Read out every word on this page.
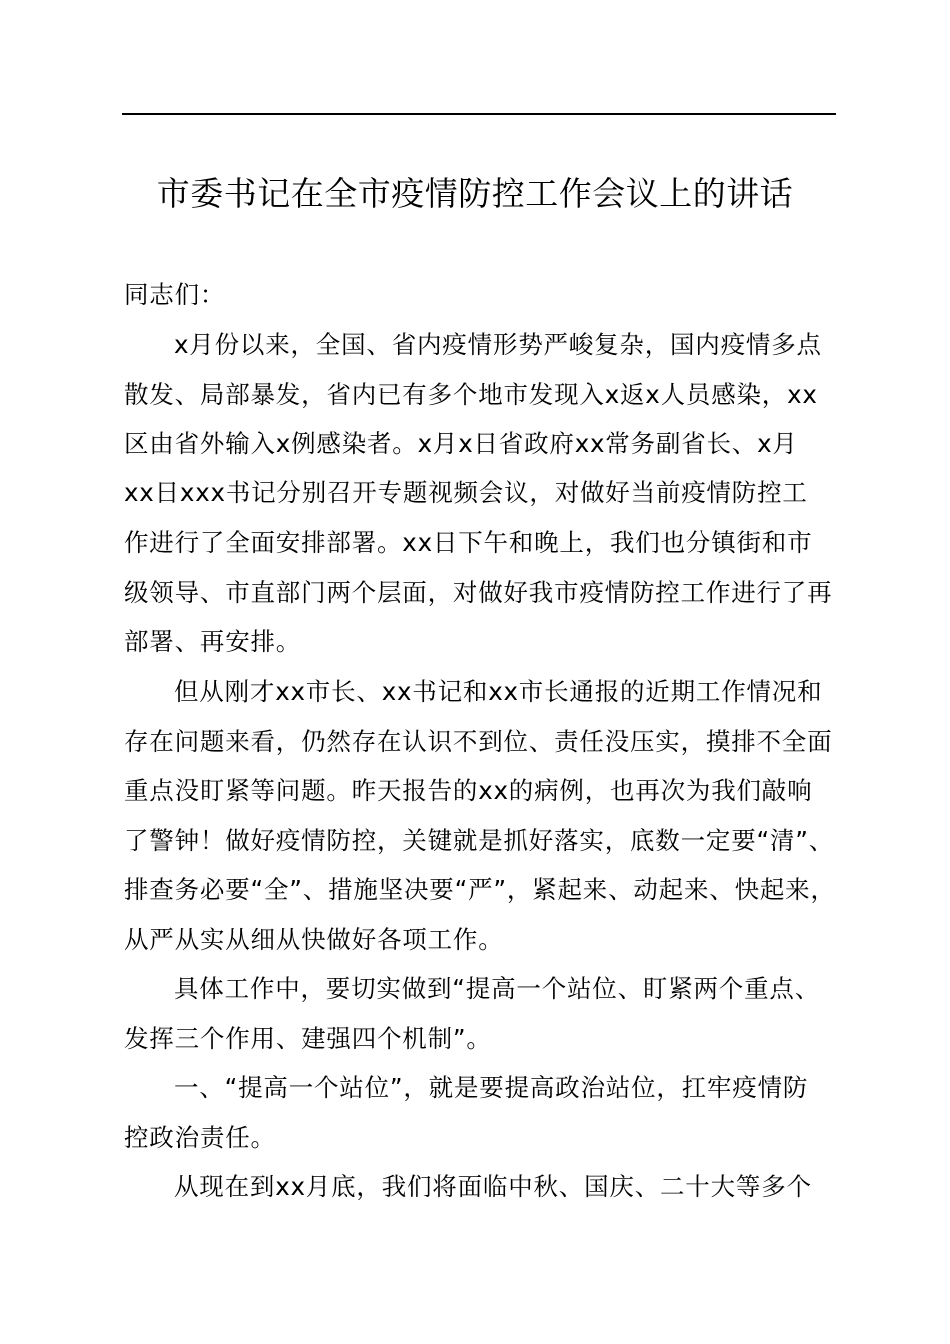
市委书记在全市疫情防控工作会议上的讲话
同志们：
x月份以来，全国、省内疫情形势严峻复杂，国内疫情多点
散发、局部暴发，省内已有多个地市发现入x返x人员感染，xx
区由省外输入x例感染者。x月x日省政府xx常务副省长、x月
xx日xxx书记分别召开专题视频会议，对做好当前疫情防控工
作进行了全面安排部署。xx日下午和晚上，我们也分镇街和市
级领导、市直部门两个层面，对做好我市疫情防控工作进行了再
部署、再安排。
但从刚才xx市长、xx书记和xx市长通报的近期工作情况和
存在问题来看，仍然存在认识不到位、责任没压实，摸排不全面
重点没盯紧等问题。昨天报告的xx的病例，也再次为我们敲响
了警钟！做好疫情防控，关键就是抓好落实，底数一定要“清”、
排查务必要“全”、措施坚决要“严”，紧起来、动起来、快起来，
从严从实从细从快做好各项工作。
具体工作中，要切实做到“提高一个站位、盯紧两个重点、
发挥三个作用、建强四个机制”。
一、“提高一个站位”，就是要提高政治站位，扛牢疫情防
控政治责任。
从现在到xx月底，我们将面临中秋、国庆、二十大等多个
